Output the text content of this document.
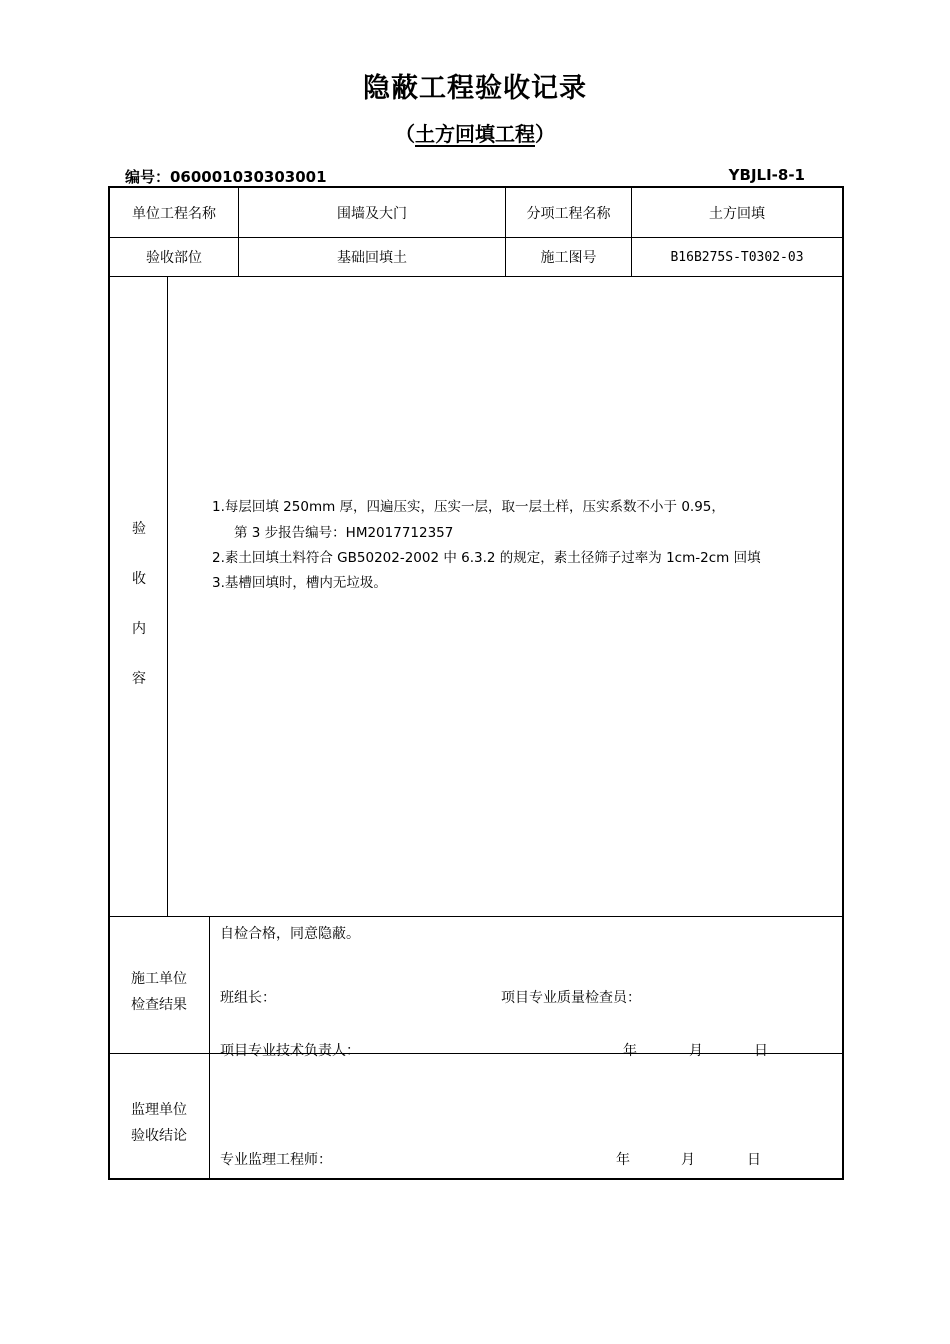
隐蔽工程验收记录
（土方回填工程）
编号：060001030303001	YBJLⅠ-8-1
单位工程名称	围墙及大门	分项工程名称	土方回填
验收部位	基础回填土	施工图号	B16B275S-T0302-03
验
收
内
容
1.每层回填 250mm 厚，四遍压实，压实一层，取一层土样，压实系数不小于 0.95，
第 3 步报告编号：HM2017712357
2.素土回填土料符合 GB50202-2002 中 6.3.2 的规定，素土径筛子过率为 1cm-2cm 回填
3.基槽回填时，槽内无垃圾。
施工单位
检查结果
自检合格，同意隐蔽。
班组长：	项目专业质量检查员：
项目专业技术负责人：	年	月	日
监理单位
验收结论
专业监理工程师：	年	月	日
